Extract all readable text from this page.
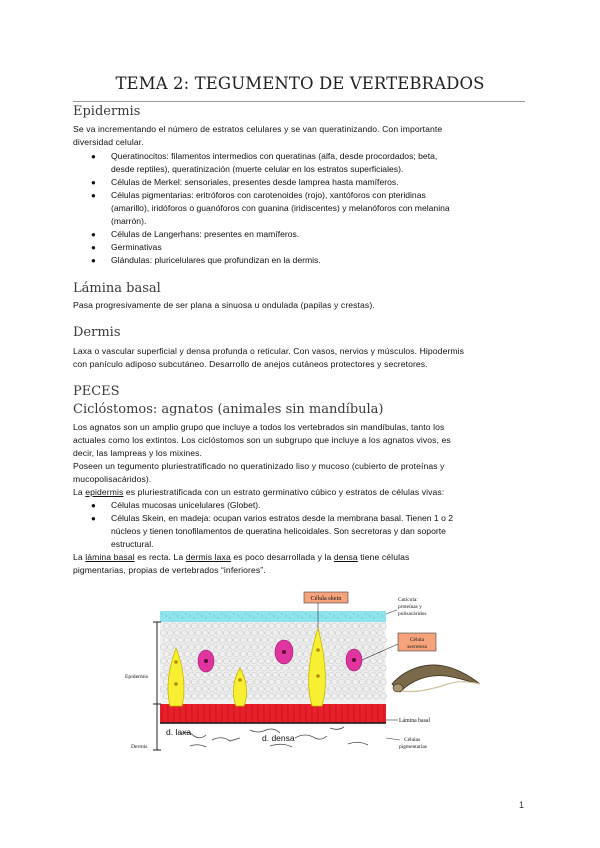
TEMA 2: TEGUMENTO DE VERTEBRADOS
Epidermis
Se va incrementando el número de estratos celulares y se van queratinizando. Con importante
diversidad celular.
● Queratinocitos: filamentos intermedios con queratinas (alfa, desde procordados; beta,
desde reptiles), queratinización (muerte celular en los estratos superficiales).
● Células de Merkel: sensoriales, presentes desde lamprea hasta mamíferos.
● Células pigmentarias: eritróforos con carotenoides (rojo), xantóforos con pteridinas
(amarillo), iridóforos o guanóforos con guanina (iridiscentes) y melanóforos con melanina
(marrón).
● Células de Langerhans: presentes en mamíferos.
● Germinativas
● Glándulas: pluricelulares que profundizan en la dermis.
Lámina basal
Pasa progresivamente de ser plana a sinuosa u ondulada (papilas y crestas).
Dermis
Laxa o vascular superficial y densa profunda o reticular. Con vasos, nervios y músculos. Hipodermis
con panículo adiposo subcutáneo. Desarrollo de anejos cutáneos protectores y secretores.
PECES
Ciclóstomos: agnatos (animales sin mandíbula)
Los agnatos son un amplio grupo que incluye a todos los vertebrados sin mandíbulas, tanto los
actuales como los extintos. Los ciclóstomos son un subgrupo que incluye a los agnatos vivos, es
decir, las lampreas y los mixines.
Poseen un tegumento pluriestratificado no queratinizado liso y mucoso (cubierto de proteínas y
mucopolisacáridos).
La epidermis es pluriestratificada con un estrato germinativo cúbico y estratos de células vivas:
● Células mucosas unicelulares (Globet).
● Células Skein, en madeja: ocupan varios estratos desde la membrana basal. Tienen 1 o 2
núcleos y tienen tonofilamentos de queratina helicoidales. Son secretoras y dan soporte
estructural.
La lámina basal es recta. La dermis laxa es poco desarrollada y la densa tiene células
pigmentarias, propias de vertebrados “inferiores”.
Célula skein	Cutícula:
proteínas y
polisacáridos
Célula
secretora
Epidermis
Lámina basal
d. laxa
d. densa
Dermis
Células
pigmentarias
1
